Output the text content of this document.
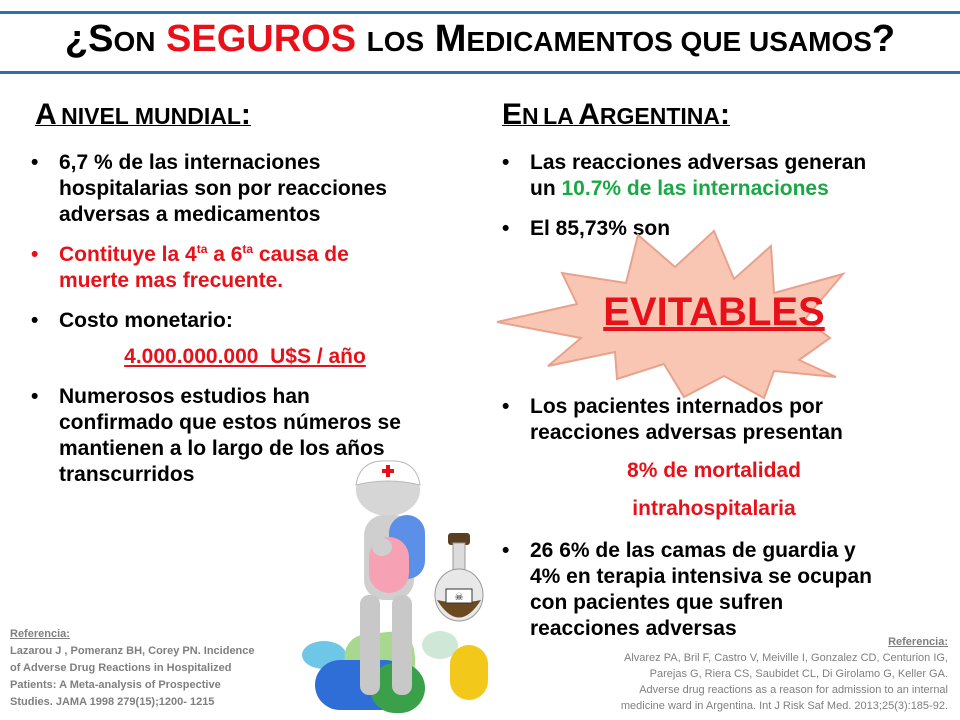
¿SON SEGUROS LOS MEDICAMENTOS QUE USAMOS?
A NIVEL MUNDIAL:
• 6,7 % de las internaciones
hospitalarias son por reacciones
adversas a medicamentos
• Contituye la $4^{ta}$ a $6^{ta}$ causa de
muerte mas frecuente.
• Costo monetario:
4.000.000.000  U$S / año
• Numerosos estudios han
confirmado que estos números se
mantienen a lo largo de los años
transcurridos
EN LA ARGENTINA:
• Las reacciones adversas generan
un 10.7% de las internaciones
• El 85,73% son
EVITABLES
• Los pacientes internados por
reacciones adversas presentan
8% de mortalidad
intrahospitalaria
• 26 6% de las camas de guardia y
4% en terapia intensiva se ocupan
con pacientes que sufren
reacciones adversas
☠
Referencia:
Lazarou J , Pomeranz BH, Corey PN. Incidence
of Adverse Drug Reactions in Hospitalized
Patients: A Meta-analysis of Prospective
Studies. JAMA 1998 279(15);1200- 1215
Referencia:
Alvarez PA, Bril F, Castro V, Meiville I, Gonzalez CD, Centurion IG,
Parejas G, Riera CS, Saubidet CL, Di Girolamo G, Keller GA.
Adverse drug reactions as a reason for admission to an internal
medicine ward in Argentina. Int J Risk Saf Med. 2013;25(3):185-92.
